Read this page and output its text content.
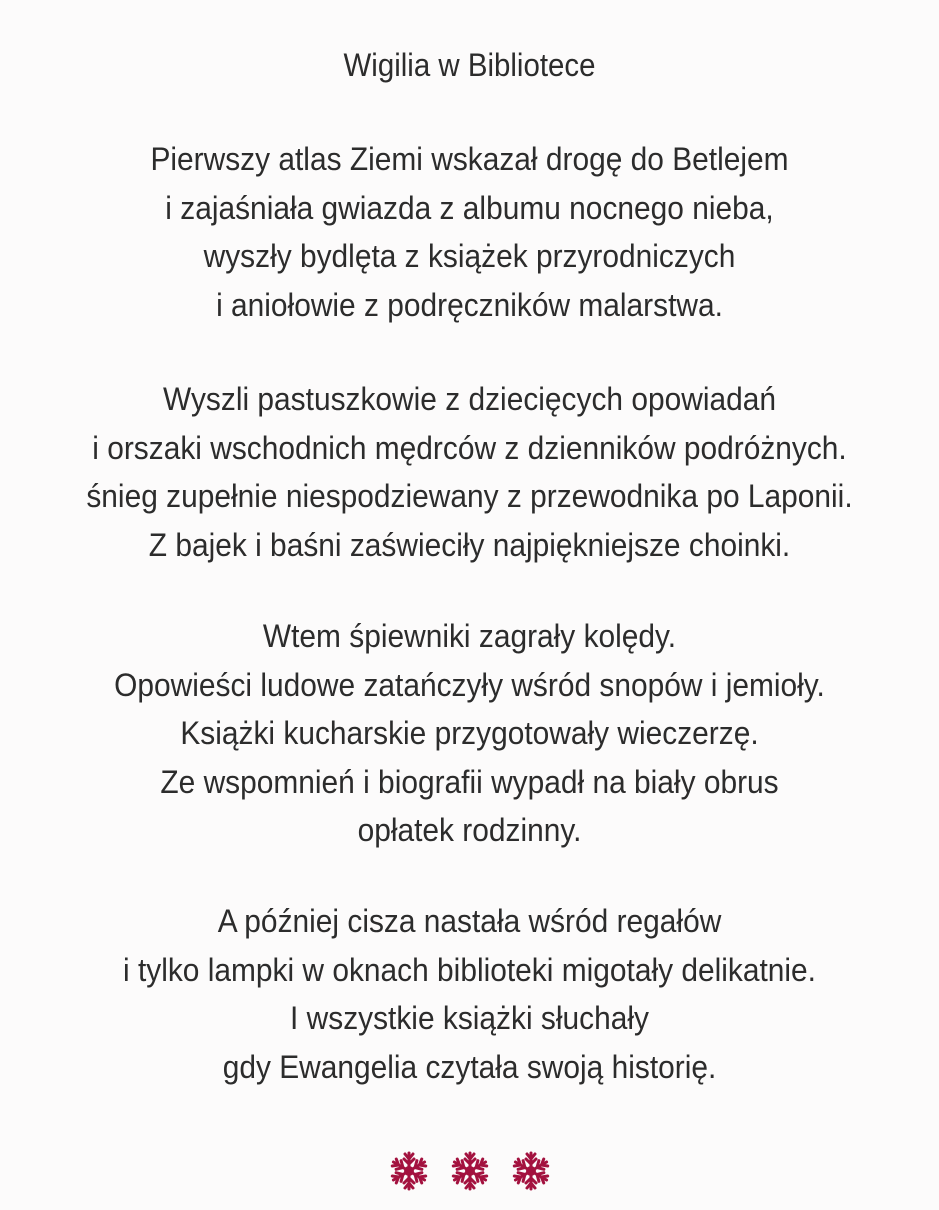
Wigilia w Bibliotece
Pierwszy atlas Ziemi wskazał drogę do Betlejem
i zajaśniała gwiazda z albumu nocnego nieba,
wyszły bydlęta z książek przyrodniczych
i aniołowie z podręczników malarstwa.
Wyszli pastuszkowie z dziecięcych opowiadań
i orszaki wschodnich mędrców z dzienników podróżnych.
śnieg zupełnie niespodziewany z przewodnika po Laponii.
Z bajek i baśni zaświeciły najpiękniejsze choinki.
Wtem śpiewniki zagrały kolędy.
Opowieści ludowe zatańczyły wśród snopów i jemioły.
Książki kucharskie przygotowały wieczerzę.
Ze wspomnień i biografii wypadł na biały obrus
opłatek rodzinny.
A później cisza nastała wśród regałów
i tylko lampki w oknach biblioteki migotały delikatnie.
I wszystkie książki słuchały
gdy Ewangelia czytała swoją historię.
